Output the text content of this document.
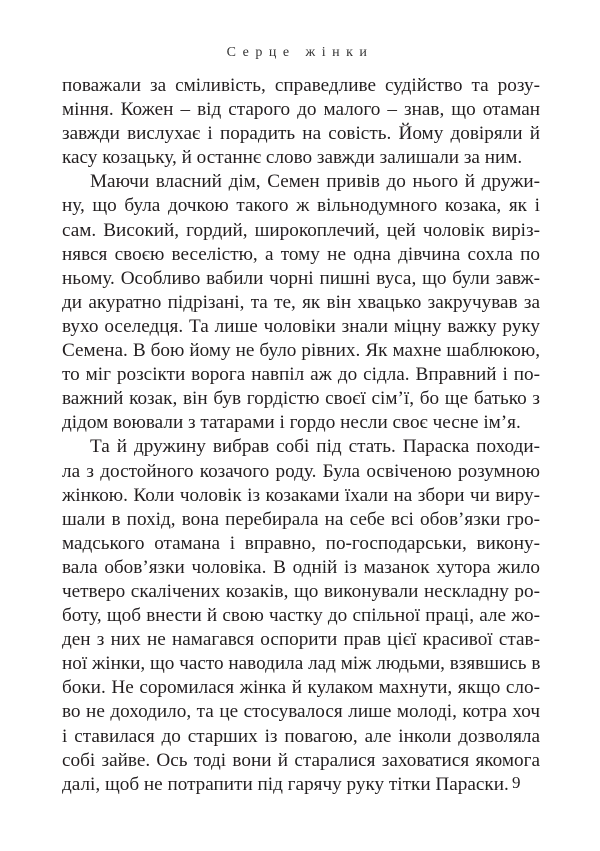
Серце жінки
поважали за сміливість, справедливе судійство та розу-
міння. Кожен – від старого до малого – знав, що отаман
завжди вислухає і порадить на совість. Йому довіряли й
касу козацьку, й останнє слово завжди залишали за ним.
Маючи власний дім, Семен привів до нього й дружи-
ну, що була дочкою такого ж вільнодумного козака, як і
сам. Високий, гордий, широкоплечий, цей чоловік виріз-
нявся своєю веселістю, а тому не одна дівчина сохла по
ньому. Особливо вабили чорні пишні вуса, що були завж-
ди акуратно підрізані, та те, як він хвацько закручував за
вухо оселедця. Та лише чоловіки знали міцну важку руку
Семена. В бою йому не було рівних. Як махне шаблюкою,
то міг розсікти ворога навпіл аж до сідла. Вправний і по-
важний козак, він був гордістю своєї сім’ї, бо ще батько з
дідом воювали з татарами і гордо несли своє чесне ім’я.
Та й дружину вибрав собі під стать. Параска походи-
ла з достойного козачого роду. Була освіченою розумною
жінкою. Коли чоловік із козаками їхали на збори чи виру-
шали в похід, вона перебирала на себе всі обов’язки гро-
мадського отамана і вправно, по-господарськи, викону-
вала обов’язки чоловіка. В одній із мазанок хутора жило
четверо скалічених козаків, що виконували нескладну ро-
боту, щоб внести й свою частку до спільної праці, але жо-
ден з них не намагався оспорити прав цієї красивої став-
ної жінки, що часто наводила лад між людьми, взявшись в
боки. Не соромилася жінка й кулаком махнути, якщо сло-
во не доходило, та це стосувалося лише молоді, котра хоч
і ставилася до старших із повагою, але інколи дозволяла
собі зайве. Ось тоді вони й старалися заховатися якомога
далі, щоб не потрапити під гарячу руку тітки Параски. 9
